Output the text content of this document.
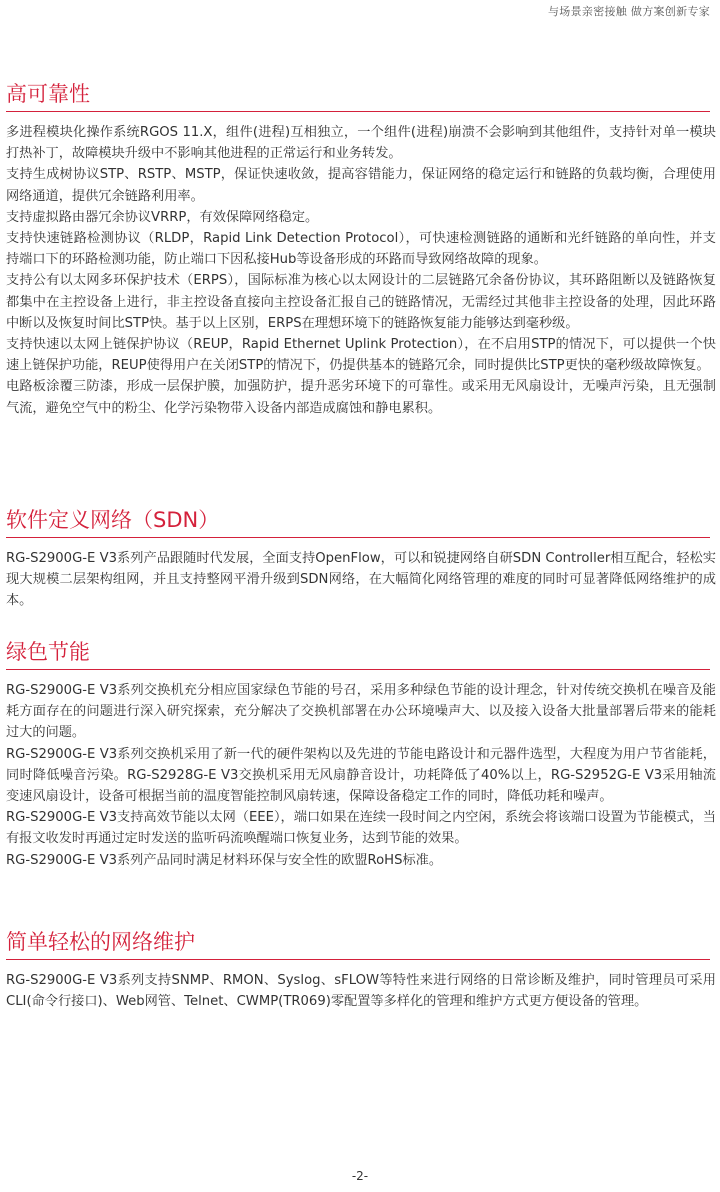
与场景亲密接触 做方案创新专家
高可靠性

多进程模块化操作系统RGOS 11.X，组件(进程)互相独立，一个组件(进程)崩溃不会影响到其他组件，支持针对单一模块打热补丁，故障模块升级中不影响其他进程的正常运行和业务转发。

支持生成树协议STP、RSTP、MSTP，保证快速收敛，提高容错能力，保证网络的稳定运行和链路的负载均衡，合理使用网络通道，提供冗余链路利用率。

支持虚拟路由器冗余协议VRRP，有效保障网络稳定。

支持快速链路检测协议（RLDP，Rapid Link Detection Protocol），可快速检测链路的通断和光纤链路的单向性，并支持端口下的环路检测功能，防止端口下因私接Hub等设备形成的环路而导致网络故障的现象。

支持公有以太网多环保护技术（ERPS），国际标准为核心以太网设计的二层链路冗余备份协议，其环路阻断以及链路恢复都集中在主控设备上进行，非主控设备直接向主控设备汇报自己的链路情况，无需经过其他非主控设备的处理，因此环路中断以及恢复时间比STP快。基于以上区别，ERPS在理想环境下的链路恢复能力能够达到毫秒级。

支持快速以太网上链保护协议（REUP，Rapid Ethernet Uplink Protection），在不启用STP的情况下，可以提供一个快速上链保护功能，REUP使得用户在关闭STP的情况下，仍提供基本的链路冗余，同时提供比STP更快的毫秒级故障恢复。

电路板涂覆三防漆，形成一层保护膜，加强防护，提升恶劣环境下的可靠性。或采用无风扇设计，无噪声污染，且无强制气流，避免空气中的粉尘、化学污染物带入设备内部造成腐蚀和静电累积。

软件定义网络（SDN）

RG-S2900G-E V3系列产品跟随时代发展，全面支持OpenFlow，可以和锐捷网络自研SDN Controller相互配合，轻松实现大规模二层架构组网，并且支持整网平滑升级到SDN网络，在大幅简化网络管理的难度的同时可显著降低网络维护的成本。

绿色节能

RG-S2900G-E V3系列交换机充分相应国家绿色节能的号召，采用多种绿色节能的设计理念，针对传统交换机在噪音及能耗方面存在的问题进行深入研究探索，充分解决了交换机部署在办公环境噪声大、以及接入设备大批量部署后带来的能耗过大的问题。

RG-S2900G-E V3系列交换机采用了新一代的硬件架构以及先进的节能电路设计和元器件选型，大程度为用户节省能耗，同时降低噪音污染。RG-S2928G-E V3交换机采用无风扇静音设计，功耗降低了40%以上，RG-S2952G-E V3采用轴流变速风扇设计，设备可根据当前的温度智能控制风扇转速，保障设备稳定工作的同时，降低功耗和噪声。

RG-S2900G-E V3支持高效节能以太网（EEE），端口如果在连续一段时间之内空闲，系统会将该端口设置为节能模式，当有报文收发时再通过定时发送的监听码流唤醒端口恢复业务，达到节能的效果。

RG-S2900G-E V3系列产品同时满足材料环保与安全性的欧盟RoHS标准。

简单轻松的网络维护

RG-S2900G-E V3系列支持SNMP、RMON、Syslog、sFLOW等特性来进行网络的日常诊断及维护，同时管理员可采用CLI(命令行接口)、Web网管、Telnet、CWMP(TR069)零配置等多样化的管理和维护方式更方便设备的管理。

-2-
